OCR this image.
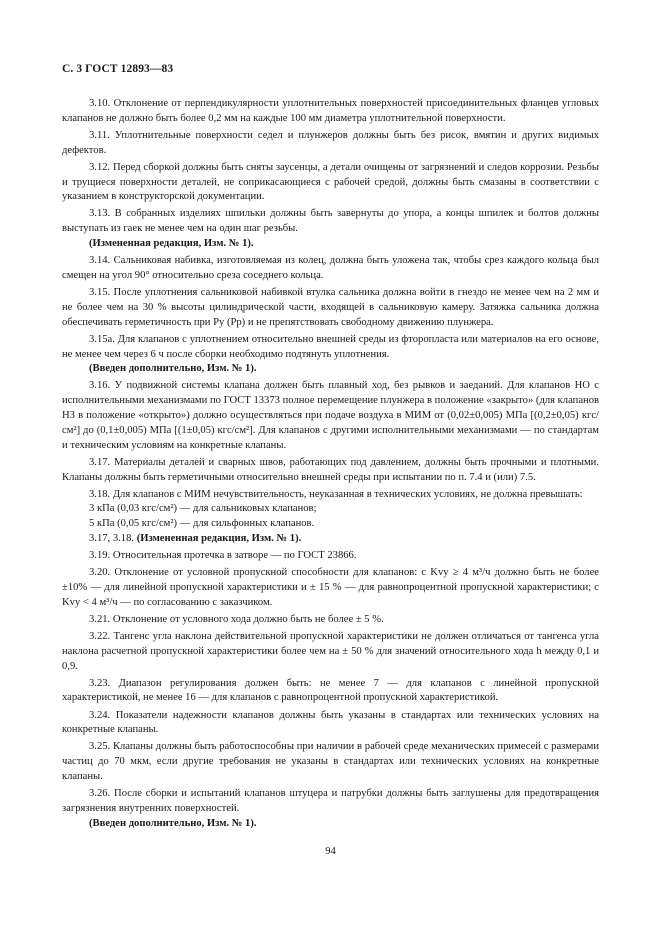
С. 3 ГОСТ 12893—83

3.10. Отклонение от перпендикулярности уплотнительных поверхностей присоединительных фланцев угловых клапанов не должно быть более 0,2 мм на каждые 100 мм диаметра уплотнительной поверхности.

3.11. Уплотнительные поверхности седел и плунжеров должны быть без рисок, вмятин и других видимых дефектов.

3.12. Перед сборкой должны быть сняты заусенцы, а детали очищены от загрязнений и следов коррозии. Резьбы и трущиеся поверхности деталей, не соприкасающиеся с рабочей средой, должны быть смазаны в соответствии с указанием в конструкторской документации.

3.13. В собранных изделиях шпильки должны быть завернуты до упора, а концы шпилек и болтов должны выступать из гаек не менее чем на один шаг резьбы.

(Измененная редакция, Изм. № 1).

3.14. Сальниковая набивка, изготовляемая из колец, должна быть уложена так, чтобы срез каждого кольца был смещен на угол 90° относительно среза соседнего кольца.

3.15. После уплотнения сальниковой набивкой втулка сальника должна войти в гнездо не менее чем на 2 мм и не более чем на 30 % высоты цилиндрической части, входящей в сальниковую камеру. Затяжка сальника должна обеспечивать герметичность при Pу (Pр) и не препятствовать свободному движению плунжера.

3.15а. Для клапанов с уплотнением относительно внешней среды из фторопласта или материалов на его основе, не менее чем через 6 ч после сборки необходимо подтянуть уплотнения.

(Введен дополнительно, Изм. № 1).

3.16. У подвижной системы клапана должен быть плавный ход, без рывков и заеданий. Для клапанов НО с исполнительными механизмами по ГОСТ 13373 полное перемещение плунжера в положение «закрыто» (для клапанов НЗ в положение «открыто») должно осуществляться при подаче воздуха в МИМ от (0,02±0,005) МПа [(0,2±0,05) кгс/см²] до (0,1±0,005) МПа [(1±0,05) кгс/см²]. Для клапанов с другими исполнительными механизмами — по стандартам и техническим условиям на конкретные клапаны.

3.17. Материалы деталей и сварных швов, работающих под давлением, должны быть прочными и плотными. Клапаны должны быть герметичными относительно внешней среды при испытании по п. 7.4 и (или) 7.5.

3.18. Для клапанов с МИМ нечувствительность, неуказанная в технических условиях, не должна превышать:

3 кПа (0,03 кгс/см²) — для сальниковых клапанов;

5 кПа (0,05 кгс/см²) — для сильфонных клапанов.

3.17, 3.18. (Измененная редакция, Изм. № 1).

3.19. Относительная протечка в затворе — по ГОСТ 23866.

3.20. Отклонение от условной пропускной способности для клапанов: с Kvу ≥ 4 м³/ч должно быть не более ±10% — для линейной пропускной характеристики и ± 15 % — для равнопроцентной пропускной характеристики; с Kvу < 4 м³/ч — по согласованию с заказчиком.

3.21. Отклонение от условного хода должно быть не более ± 5 %.

3.22. Тангенс угла наклона действительной пропускной характеристики не должен отличаться от тангенса угла наклона расчетной пропускной характеристики более чем на ± 50 % для значений относительного хода h между 0,1 и 0,9.

3.23. Диапазон регулирования должен быть: не менее 7 — для клапанов с линейной пропускной характеристикой, не менее 16 — для клапанов с равнопроцентной пропускной характеристикой.

3.24. Показатели надежности клапанов должны быть указаны в стандартах или технических условиях на конкретные клапаны.

3.25. Клапаны должны быть работоспособны при наличии в рабочей среде механических примесей с размерами частиц до 70 мкм, если другие требования не указаны в стандартах или технических условиях на конкретные клапаны.

3.26. После сборки и испытаний клапанов штуцера и патрубки должны быть заглушены для предотвращения загрязнения внутренних поверхностей.

(Введен дополнительно, Изм. № 1).

94
